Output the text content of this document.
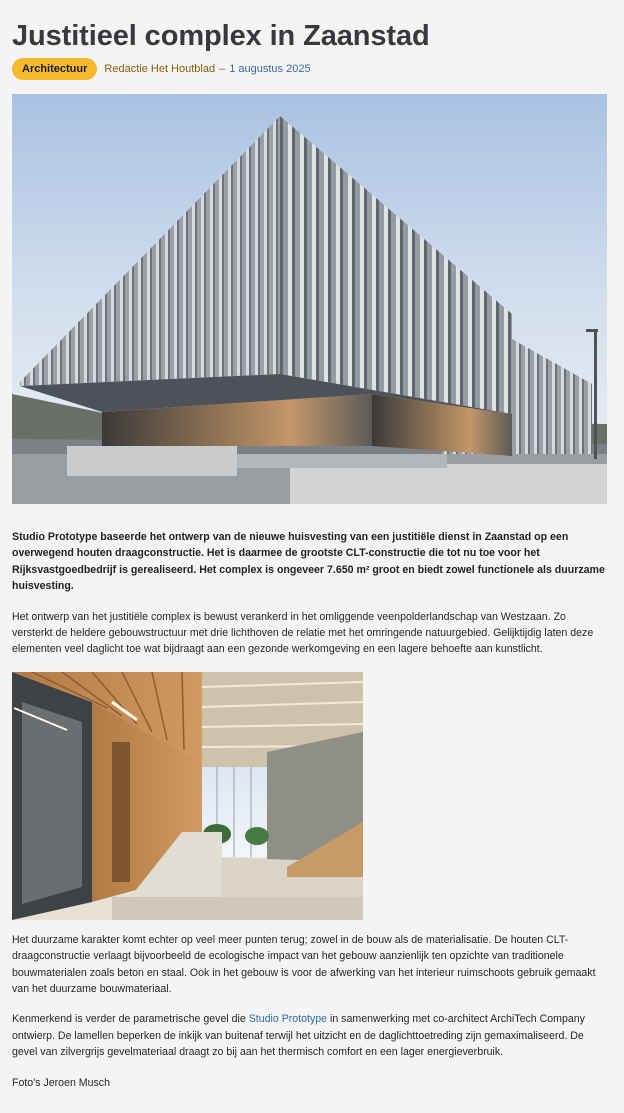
Justitieel complex in Zaanstad
Architectuur	Redactie Het Houtblad – 1 augustus 2025

Studio Prototype baseerde het ontwerp van de nieuwe huisvesting van een justitiële dienst in Zaanstad op een overwegend houten draagconstructie. Het is daarmee de grootste CLT-constructie die tot nu toe voor het Rijksvastgoedbedrijf is gerealiseerd. Het complex is ongeveer 7.650 m² groot en biedt zowel functionele als duurzame huisvesting.

Het ontwerp van het justitiële complex is bewust verankerd in het omliggende veenpolderlandschap van Westzaan. Zo versterkt de heldere gebouwstructuur met drie lichthoven de relatie met het omringende natuurgebied. Gelijktijdig laten deze elementen veel daglicht toe wat bijdraagt aan een gezonde werkomgeving en een lagere behoefte aan kunstlicht.

Het duurzame karakter komt echter op veel meer punten terug; zowel in de bouw als de materialisatie. De houten CLT-draagconstructie verlaagt bijvoorbeeld de ecologische impact van het gebouw aanzienlijk ten opzichte van traditionele bouwmaterialen zoals beton en staal. Ook in het gebouw is voor de afwerking van het interieur ruimschoots gebruik gemaakt van het duurzame bouwmateriaal.

Kenmerkend is verder de parametrische gevel die Studio Prototype in samenwerking met co-architect ArchiTech Company ontwierp. De lamellen beperken de inkijk van buitenaf terwijl het uitzicht en de daglichttoetreding zijn gemaximaliseerd. De gevel van zilvergrijs gevelmateriaal draagt zo bij aan het thermisch comfort en een lager energieverbruik.

Foto's Jeroen Musch
